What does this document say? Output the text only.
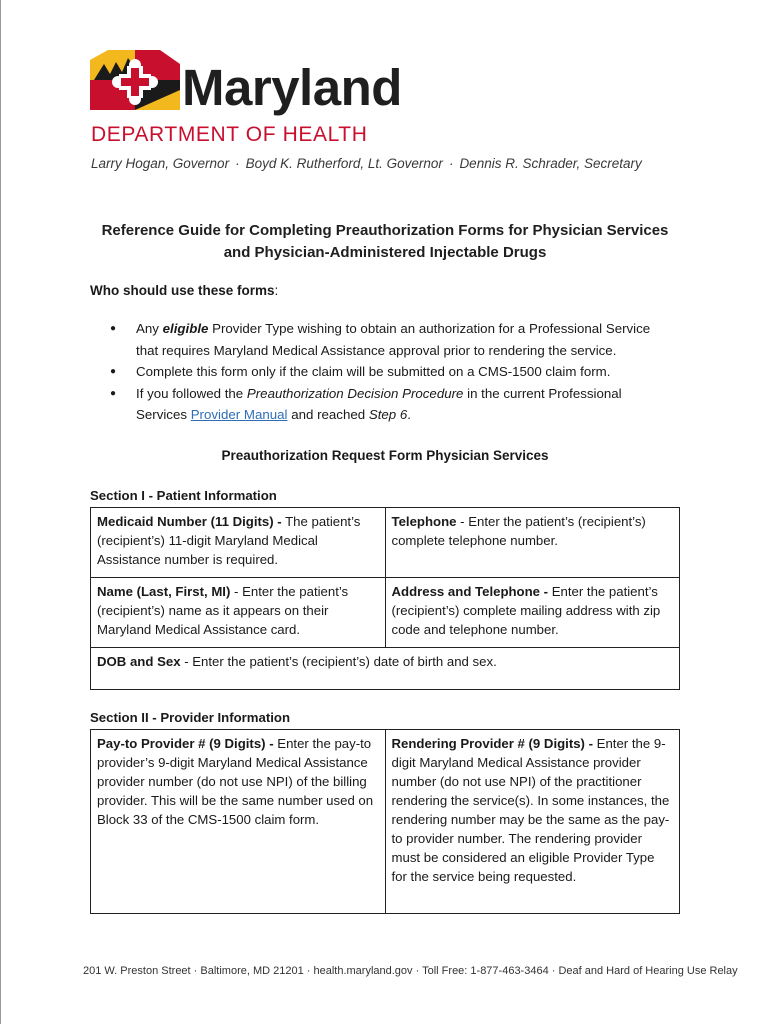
Maryland
DEPARTMENT OF HEALTH
Larry Hogan, Governor · Boyd K. Rutherford, Lt. Governor · Dennis R. Schrader, Secretary
Reference Guide for Completing Preauthorization Forms for Physician Services
and Physician-Administered Injectable Drugs
Who should use these forms:
● Any eligible Provider Type wishing to obtain an authorization for a Professional Service that requires Maryland Medical Assistance approval prior to rendering the service.
● Complete this form only if the claim will be submitted on a CMS-1500 claim form.
● If you followed the Preauthorization Decision Procedure in the current Professional Services Provider Manual and reached Step 6.
Preauthorization Request Form Physician Services
Section I - Patient Information
Medicaid Number (11 Digits) - The patient’s (recipient’s) 11-digit Maryland Medical Assistance number is required.	Telephone - Enter the patient’s (recipient’s) complete telephone number.
Name (Last, First, MI) - Enter the patient’s (recipient’s) name as it appears on their Maryland Medical Assistance card.	Address and Telephone - Enter the patient’s (recipient’s) complete mailing address with zip code and telephone number.
DOB and Sex - Enter the patient’s (recipient’s) date of birth and sex.	
Section II - Provider Information
Pay-to Provider # (9 Digits) - Enter the pay-to provider’s 9-digit Maryland Medical Assistance provider number (do not use NPI) of the billing provider. This will be the same number used on Block 33 of the CMS-1500 claim form.	Rendering Provider # (9 Digits) - Enter the 9-digit Maryland Medical Assistance provider number (do not use NPI) of the practitioner rendering the service(s). In some instances, the rendering number may be the same as the pay-to provider number. The rendering provider must be considered an eligible Provider Type for the service being requested.
201 W. Preston Street · Baltimore, MD 21201 · health.maryland.gov · Toll Free: 1-877-463-3464 · Deaf and Hard of Hearing Use Relay
